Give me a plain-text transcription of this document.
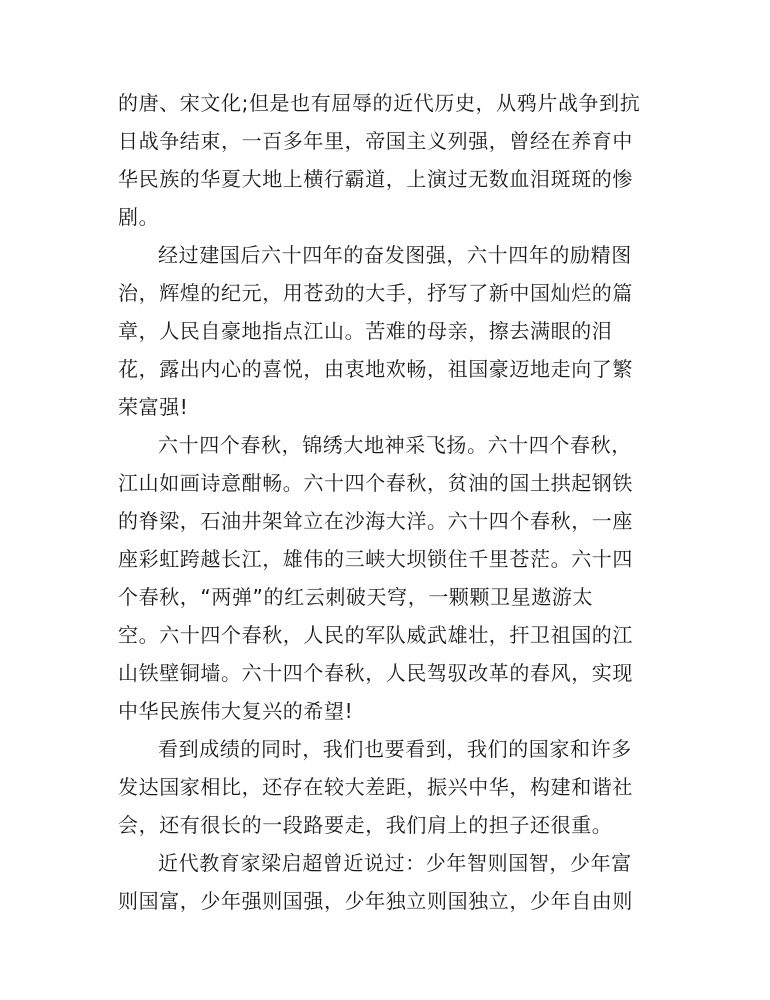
的唐、宋文化;但是也有屈辱的近代历史，从鸦片战争到抗
日战争结束，一百多年里，帝国主义列强，曾经在养育中
华民族的华夏大地上横行霸道，上演过无数血泪斑斑的惨
剧。
经过建国后六十四年的奋发图强，六十四年的励精图
治，辉煌的纪元，用苍劲的大手，抒写了新中国灿烂的篇
章，人民自豪地指点江山。苦难的母亲，擦去满眼的泪
花，露出内心的喜悦，由衷地欢畅，祖国豪迈地走向了繁
荣富强!
六十四个春秋，锦绣大地神采飞扬。六十四个春秋，
江山如画诗意酣畅。六十四个春秋，贫油的国土拱起钢铁
的脊梁，石油井架耸立在沙海大洋。六十四个春秋，一座
座彩虹跨越长江，雄伟的三峡大坝锁住千里苍茫。六十四
个春秋，“两弹”的红云刺破天穹，一颗颗卫星遨游太
空。六十四个春秋，人民的军队威武雄壮，扞卫祖国的江
山铁壁铜墙。六十四个春秋，人民驾驭改革的春风，实现
中华民族伟大复兴的希望!
看到成绩的同时，我们也要看到，我们的国家和许多
发达国家相比，还存在较大差距，振兴中华，构建和谐社
会，还有很长的一段路要走，我们肩上的担子还很重。
近代教育家梁启超曾近说过：少年智则国智，少年富
则国富，少年强则国强，少年独立则国独立，少年自由则
